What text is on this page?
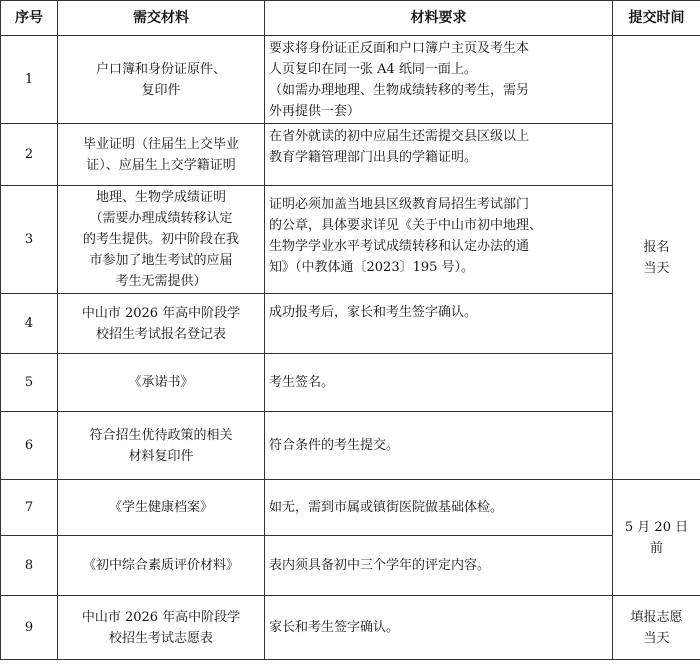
序号	需交材料	材料要求	提交时间
1	户口簿和身份证原件、
复印件	要求将身份证正反面和户口簿户主页及考生本
人页复印在同一张 A4 纸同一面上。
（如需办理地理、生物成绩转移的考生，需另
外再提供一套）	报名
当天

2	毕业证明（往届生上交毕业
证）、应届生上交学籍证明	在省外就读的初中应届生还需提交县区级以上
教育学籍管理部门出具的学籍证明。	

3	地理、生物学成绩证明
（需要办理成绩转移认定
的考生提供。初中阶段在我
市参加了地生考试的应届
考生无需提供）	证明必须加盖当地县区级教育局招生考试部门
的公章，具体要求详见《关于中山市初中地理、
生物学学业水平考试成绩转移和认定办法的通
知》（中教体通〔2023〕195 号）。	

4	中山市 2026 年高中阶段学
校招生考试报名登记表	成功报考后，家长和考生签字确认。	

5	《承诺书》	考生签名。	

6	符合招生优待政策的相关
材料复印件	符合条件的考生提交。	

7	《学生健康档案》	如无，需到市属或镇街医院做基础体检。	5 月 20 日
前

8	《初中综合素质评价材料》	表内须具备初中三个学年的评定内容。	

9	中山市 2026 年高中阶段学
校招生考试志愿表	家长和考生签字确认。	填报志愿
当天
